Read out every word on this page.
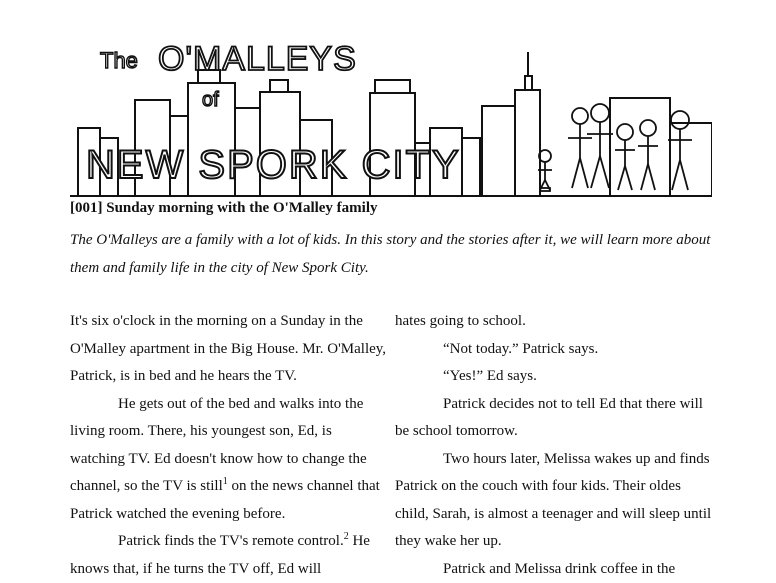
The O'MALLEYS
of
NEW SPORK CITY
[001] Sunday morning with the O'Malley family
The O'Malleys are a family with a lot of kids. In this story and the stories after it, we will learn more about them and family life in the city of New Spork City.

It's six o'clock in the morning on a Sunday in the O'Malley apartment in the Big House. Mr. O'Malley, Patrick, is in bed and he hears the TV.

He gets out of the bed and walks into the living room. There, his youngest son, Ed, is watching TV. Ed doesn't know how to change the channel, so the TV is still$^1$ on the news channel that Patrick watched the evening before.

Patrick finds the TV's remote control.$^2$ He knows that, if he turns the TV off, Ed will

hates going to school.

“Not today.” Patrick says.

“Yes!” Ed says.

Patrick decides not to tell Ed that there will be school tomorrow.

Two hours later, Melissa wakes up and finds Patrick on the couch with four kids. Their oldes child, Sarah, is almost a teenager and will sleep until they wake her up.

Patrick and Melissa drink coffee in the
